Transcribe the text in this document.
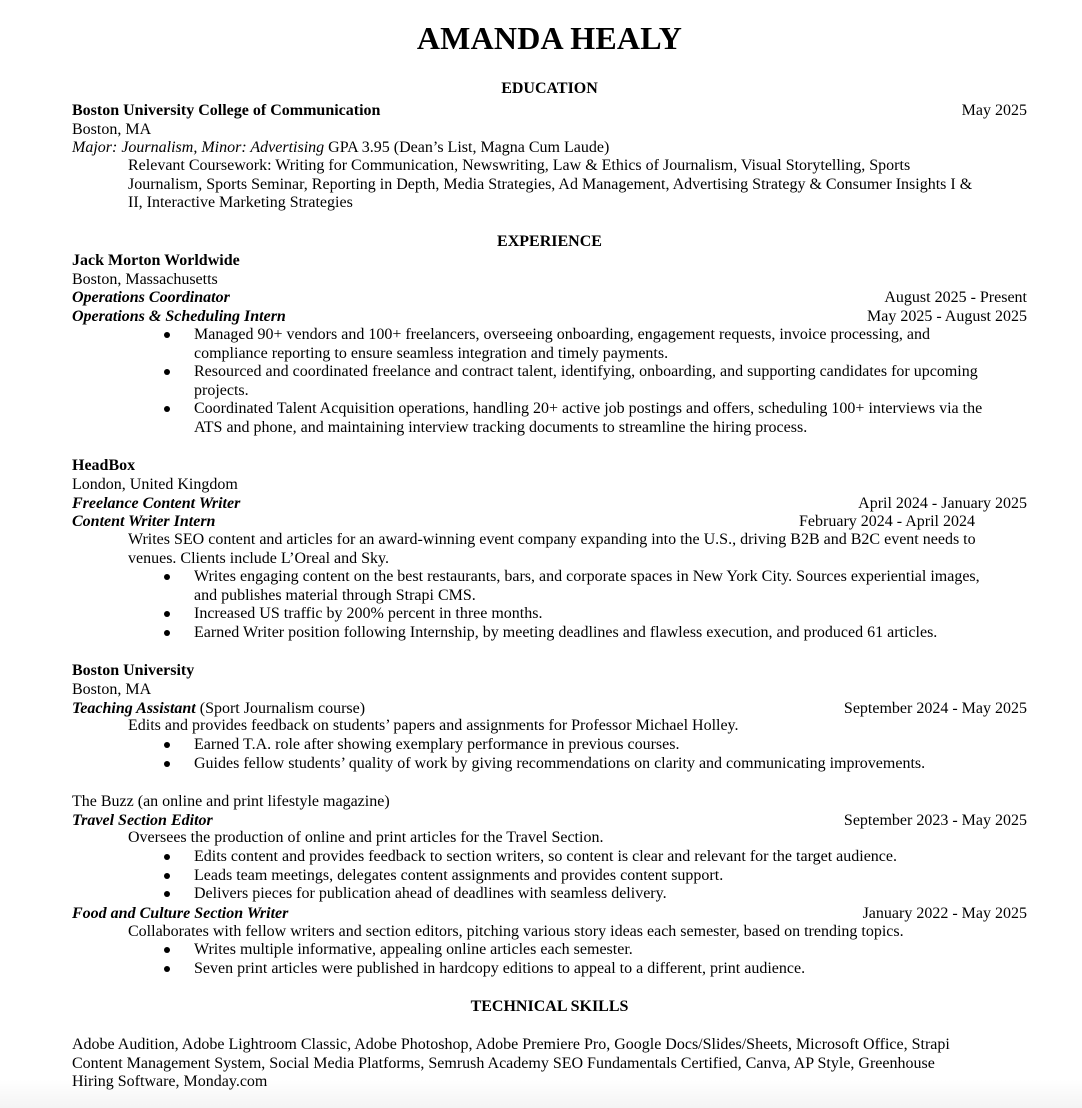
AMANDA HEALY
EDUCATION
Boston University College of Communication	May 2025
Boston, MA
Major: Journalism, Minor: Advertising GPA 3.95 (Dean’s List, Magna Cum Laude)
Relevant Coursework: Writing for Communication, Newswriting, Law & Ethics of Journalism, Visual Storytelling, Sports Journalism, Sports Seminar, Reporting in Depth, Media Strategies, Ad Management, Advertising Strategy & Consumer Insights I & II, Interactive Marketing Strategies
EXPERIENCE
Jack Morton Worldwide
Boston, Massachusetts
Operations Coordinator	August 2025 - Present
Operations & Scheduling Intern	May 2025 - August 2025
Managed 90+ vendors and 100+ freelancers, overseeing onboarding, engagement requests, invoice processing, and compliance reporting to ensure seamless integration and timely payments.
Resourced and coordinated freelance and contract talent, identifying, onboarding, and supporting candidates for upcoming projects.
Coordinated Talent Acquisition operations, handling 20+ active job postings and offers, scheduling 100+ interviews via the ATS and phone, and maintaining interview tracking documents to streamline the hiring process.
HeadBox
London, United Kingdom
Freelance Content Writer	April 2024 - January 2025
Content Writer Intern	February 2024 - April 2024
Writes SEO content and articles for an award-winning event company expanding into the U.S., driving B2B and B2C event needs to venues. Clients include L’Oreal and Sky.
Writes engaging content on the best restaurants, bars, and corporate spaces in New York City. Sources experiential images, and publishes material through Strapi CMS.
Increased US traffic by 200% percent in three months.
Earned Writer position following Internship, by meeting deadlines and flawless execution, and produced 61 articles.
Boston University
Boston, MA
Teaching Assistant (Sport Journalism course)	September 2024 - May 2025
Edits and provides feedback on students’ papers and assignments for Professor Michael Holley.
Earned T.A. role after showing exemplary performance in previous courses.
Guides fellow students’ quality of work by giving recommendations on clarity and communicating improvements.
The Buzz (an online and print lifestyle magazine)
Travel Section Editor	September 2023 - May 2025
Oversees the production of online and print articles for the Travel Section.
Edits content and provides feedback to section writers, so content is clear and relevant for the target audience.
Leads team meetings, delegates content assignments and provides content support.
Delivers pieces for publication ahead of deadlines with seamless delivery.
Food and Culture Section Writer	January 2022 - May 2025
Collaborates with fellow writers and section editors, pitching various story ideas each semester, based on trending topics.
Writes multiple informative, appealing online articles each semester.
Seven print articles were published in hardcopy editions to appeal to a different, print audience.
TECHNICAL SKILLS
Adobe Audition, Adobe Lightroom Classic, Adobe Photoshop, Adobe Premiere Pro, Google Docs/Slides/Sheets, Microsoft Office, Strapi Content Management System, Social Media Platforms, Semrush Academy SEO Fundamentals Certified, Canva, AP Style, Greenhouse Hiring Software, Monday.com
